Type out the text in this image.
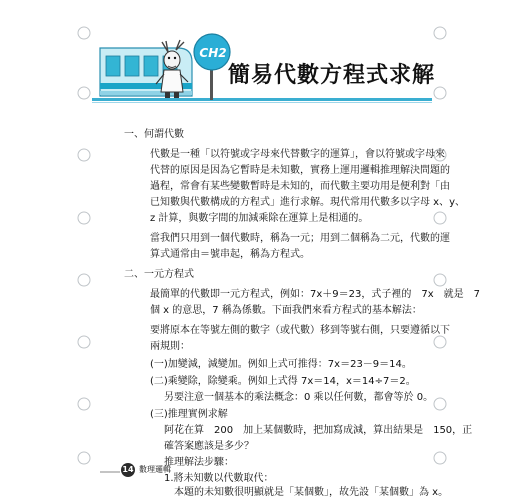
CH2
簡易代數方程式求解
一、何謂代數
代數是一種「以符號或字母來代替數字的運算」，會以符號或字母來
代替的原因是因為它暫時是未知數，實務上運用邏輯推理解決問題的
過程，常會有某些變數暫時是未知的，而代數主要功用是便利對「由
已知數與代數構成的方程式」進行求解。現代常用代數多以字母 x、y、
z 計算，與數字間的加減乘除在運算上是相通的。
當我們只用到一個代數時，稱為一元；用到二個稱為二元，代數的運
算式通常由＝號串起，稱為方程式。
二、一元方程式
最簡單的代數即一元方程式，例如：7x＋9＝23，式子裡的　7x　就是　7
個 x 的意思，7 稱為係數。下面我們來看方程式的基本解法：
要將原本在等號左側的數字（或代數）移到等號右側，只要遵循以下
兩規則：
(一)加變減，減變加。例如上式可推得：7x＝23－9＝14。
(二)乘變除，除變乘。例如上式得 7x＝14，x＝14÷7＝2。
另要注意一個基本的乘法概念：0 乘以任何數，都會等於 0。
(三)推理實例求解
阿花在算　200　加上某個數時，把加寫成減，算出結果是　150，正
確答案應該是多少？
推理解法步驟：
1.將未知數以代數取代：
本題的未知數很明顯就是「某個數」，故先設「某個數」為 x。
14 數理邏輯
